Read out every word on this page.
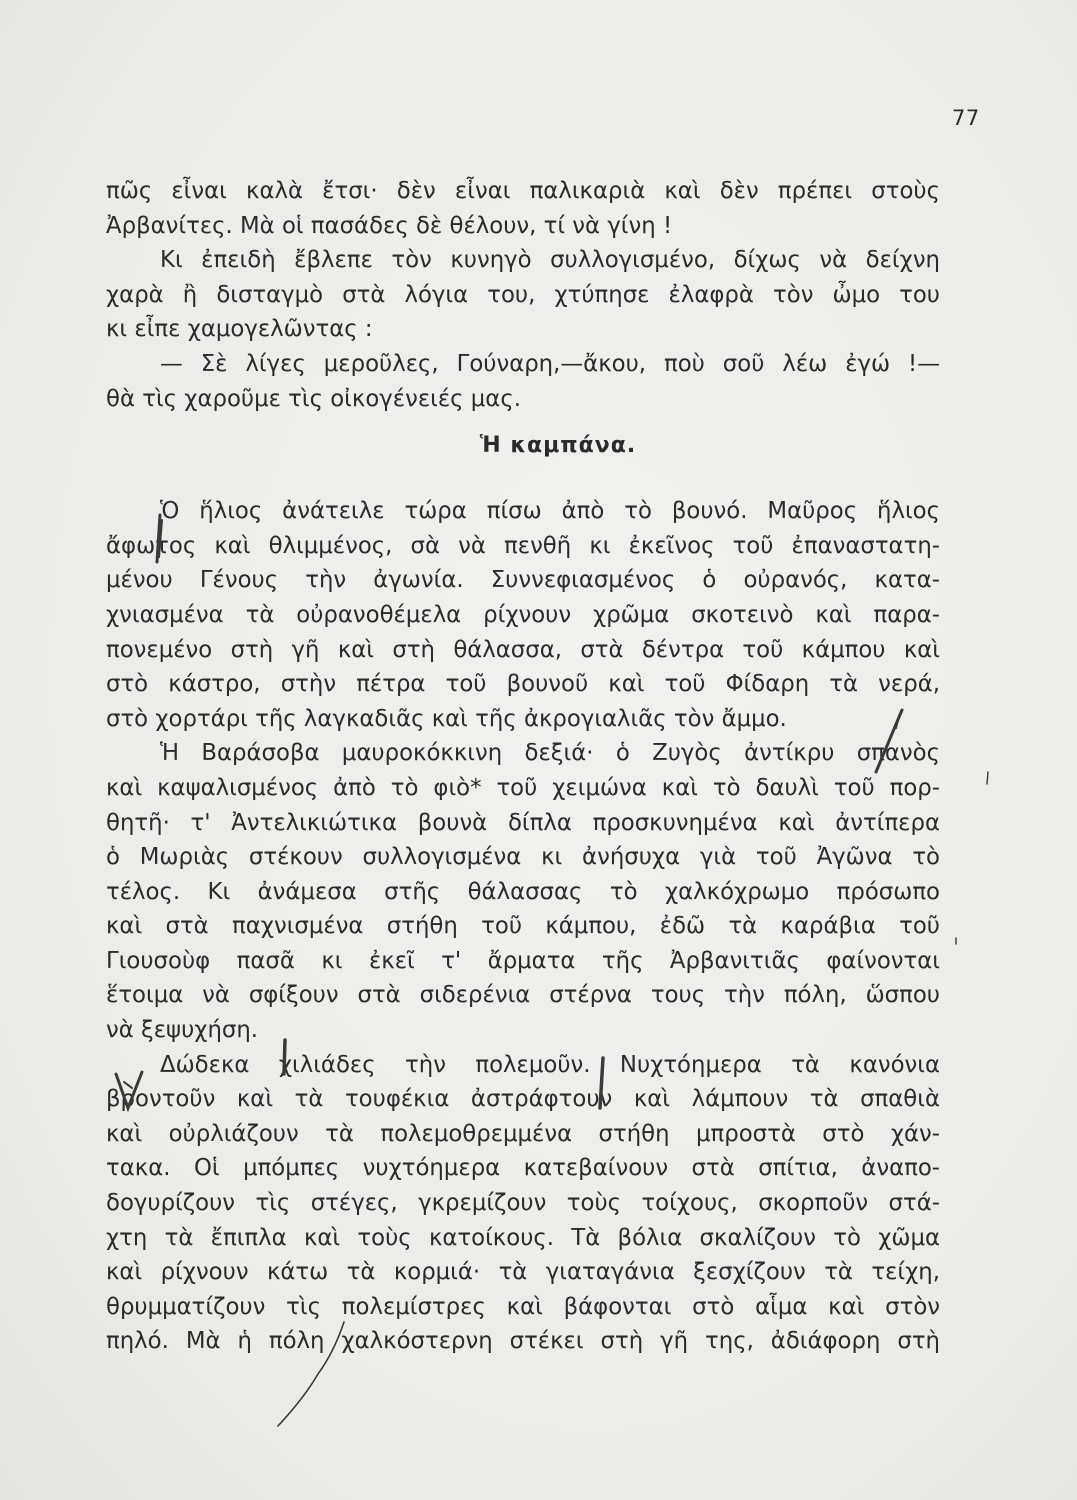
77
πῶς εἶναι καλὰ ἔτσι· δὲν εἶναι παλικαριὰ καὶ δὲν πρέπει στοὺς
Ἀρβανίτες. Μὰ οἱ πασάδες δὲ θέλουν, τί νὰ γίνη !
Κι ἐπειδὴ ἔβλεπε τὸν κυνηγὸ συλλογισμένο, δίχως νὰ δείχνη
χαρὰ ἢ δισταγμὸ στὰ λόγια του, χτύπησε ἐλαφρὰ τὸν ὦμο του
κι εἶπε χαμογελῶντας :
— Σὲ λίγες μεροῦλες, Γούναρη,—ἄκου, ποὺ σοῦ λέω ἐγώ !—
θὰ τὶς χαροῦμε τὶς οἰκογένειές μας.
Ἡ καμπάνα.
Ὁ ἥλιος ἀνάτειλε τώρα πίσω ἀπὸ τὸ βουνό. Μαῦρος ἥλιος
ἄφωτος καὶ θλιμμένος, σὰ νὰ πενθῆ κι ἐκεῖνος τοῦ ἐπαναστατη-
μένου Γένους τὴν ἀγωνία. Συννεφιασμένος ὁ οὐρανός, κατα-
χνιασμένα τὰ οὐρανοθέμελα ρίχνουν χρῶμα σκοτεινὸ καὶ παρα-
πονεμένο στὴ γῆ καὶ στὴ θάλασσα, στὰ δέντρα τοῦ κάμπου καὶ
στὸ κάστρο, στὴν πέτρα τοῦ βουνοῦ καὶ τοῦ Φίδαρη τὰ νερά,
στὸ χορτάρι τῆς λαγκαδιᾶς καὶ τῆς ἀκρογιαλιᾶς τὸν ἄμμο.
Ἡ Βαράσοβα μαυροκόκκινη δεξιά· ὁ Ζυγὸς ἀντίκρυ σπανὸς
καὶ καψαλισμένος ἀπὸ τὸ φιὸ* τοῦ χειμώνα καὶ τὸ δαυλὶ τοῦ πορ-
θητῆ· τ' Ἀντελικιώτικα βουνὰ δίπλα προσκυνημένα καὶ ἀντίπερα
ὁ Μωριὰς στέκουν συλλογισμένα κι ἀνήσυχα γιὰ τοῦ Ἀγῶνα τὸ
τέλος. Κι ἀνάμεσα στῆς θάλασσας τὸ χαλκόχρωμο πρόσωπο
καὶ στὰ παχνισμένα στήθη τοῦ κάμπου, ἐδῶ τὰ καράβια τοῦ
Γιουσοὺφ πασᾶ κι ἐκεῖ τ' ἄρματα τῆς Ἀρβανιτιᾶς φαίνονται
ἕτοιμα νὰ σφίξουν στὰ σιδερένια στέρνα τους τὴν πόλη, ὥσπου
νὰ ξεψυχήση.
Δώδεκα χιλιάδες τὴν πολεμοῦν. Νυχτόημερα τὰ κανόνια
βροντοῦν καὶ τὰ τουφέκια ἀστράφτουν καὶ λάμπουν τὰ σπαθιὰ
καὶ οὐρλιάζουν τὰ πολεμοθρεμμένα στήθη μπροστὰ στὸ χάν-
τακα. Οἱ μπόμπες νυχτόημερα κατεβαίνουν στὰ σπίτια, ἀναπο-
δογυρίζουν τὶς στέγες, γκρεμίζουν τοὺς τοίχους, σκορποῦν στά-
χτη τὰ ἔπιπλα καὶ τοὺς κατοίκους. Τὰ βόλια σκαλίζουν τὸ χῶμα
καὶ ρίχνουν κάτω τὰ κορμιά· τὰ γιαταγάνια ξεσχίζουν τὰ τείχη,
θρυμματίζουν τὶς πολεμίστρες καὶ βάφονται στὸ αἷμα καὶ στὸν
πηλό. Μὰ ἡ πόλη χαλκόστερνη στέκει στὴ γῆ της, ἀδιάφορη στὴ
